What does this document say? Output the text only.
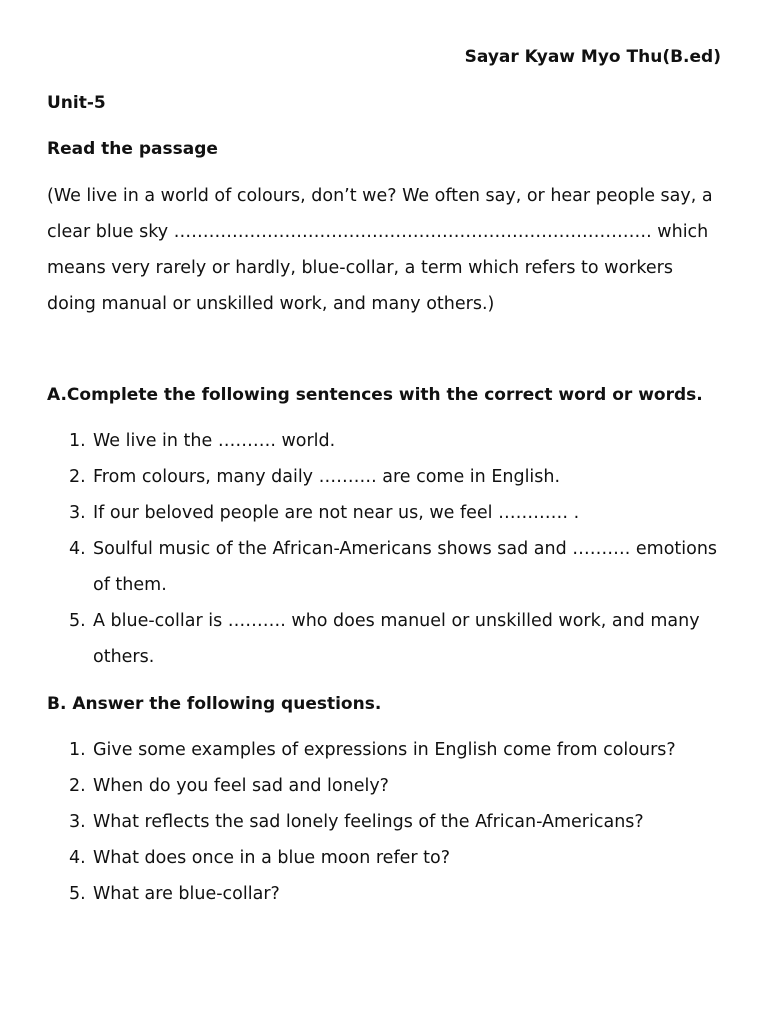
Sayar Kyaw Myo Thu(B.ed)
Unit-5
Read the passage

(We live in a world of colours, don’t we? We often say, or hear people say, a clear blue sky ………………………………………………………………………. which means very rarely or hardly, blue-collar, a term which refers to workers doing manual or unskilled work, and many others.)

A.Complete the following sentences with the correct word or words.
1. We live in the ………. world.
2. From colours, many daily ………. are come in English.
3. If our beloved people are not near us, we feel ………… .
4. Soulful music of the African-Americans shows sad and ………. emotions of them.
5. A blue-collar is ………. who does manuel or unskilled work, and many others.
B. Answer the following questions.
1. Give some examples of expressions in English come from colours?
2. When do you feel sad and lonely?
3. What reflects the sad lonely feelings of the African-Americans?
4. What does once in a blue moon refer to?
5. What are blue-collar?
